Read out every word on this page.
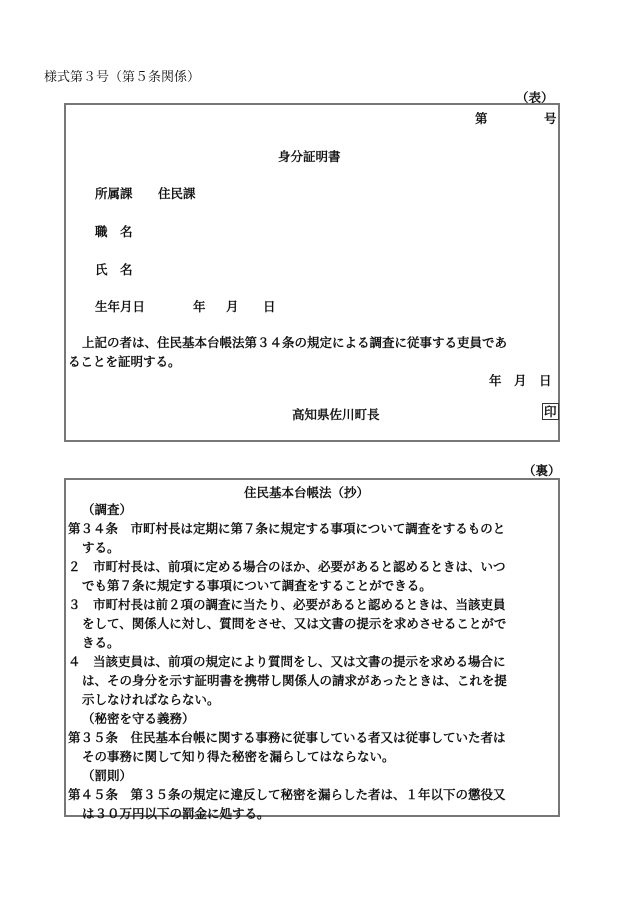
様式第３号（第５条関係）
（表）
第	号
身分証明書
所属課 住民課
職　名
氏　名
生年月日	年 月 日
上記の者は、住民基本台帳法第３４条の規定による調査に従事する吏員であ
ることを証明する。
年　月　日
高知県佐川町長	印
（裏）
住民基本台帳法（抄）
（調査）
第３４条　市町村長は定期に第７条に規定する事項について調査をするものと
する。
２　市町村長は、前項に定める場合のほか、必要があると認めるときは、いつ
でも第７条に規定する事項について調査をすることができる。
３　市町村長は前２項の調査に当たり、必要があると認めるときは、当該吏員
をして、関係人に対し、質問をさせ、又は文書の提示を求めさせることがで
きる。
４　当該吏員は、前項の規定により質問をし、又は文書の提示を求める場合に
は、その身分を示す証明書を携帯し関係人の請求があったときは、これを提
示しなければならない。
（秘密を守る義務）
第３５条　住民基本台帳に関する事務に従事している者又は従事していた者は
その事務に関して知り得た秘密を漏らしてはならない。
（罰則）
第４５条　第３５条の規定に違反して秘密を漏らした者は、１年以下の懲役又
は３０万円以下の罰金に処する。
